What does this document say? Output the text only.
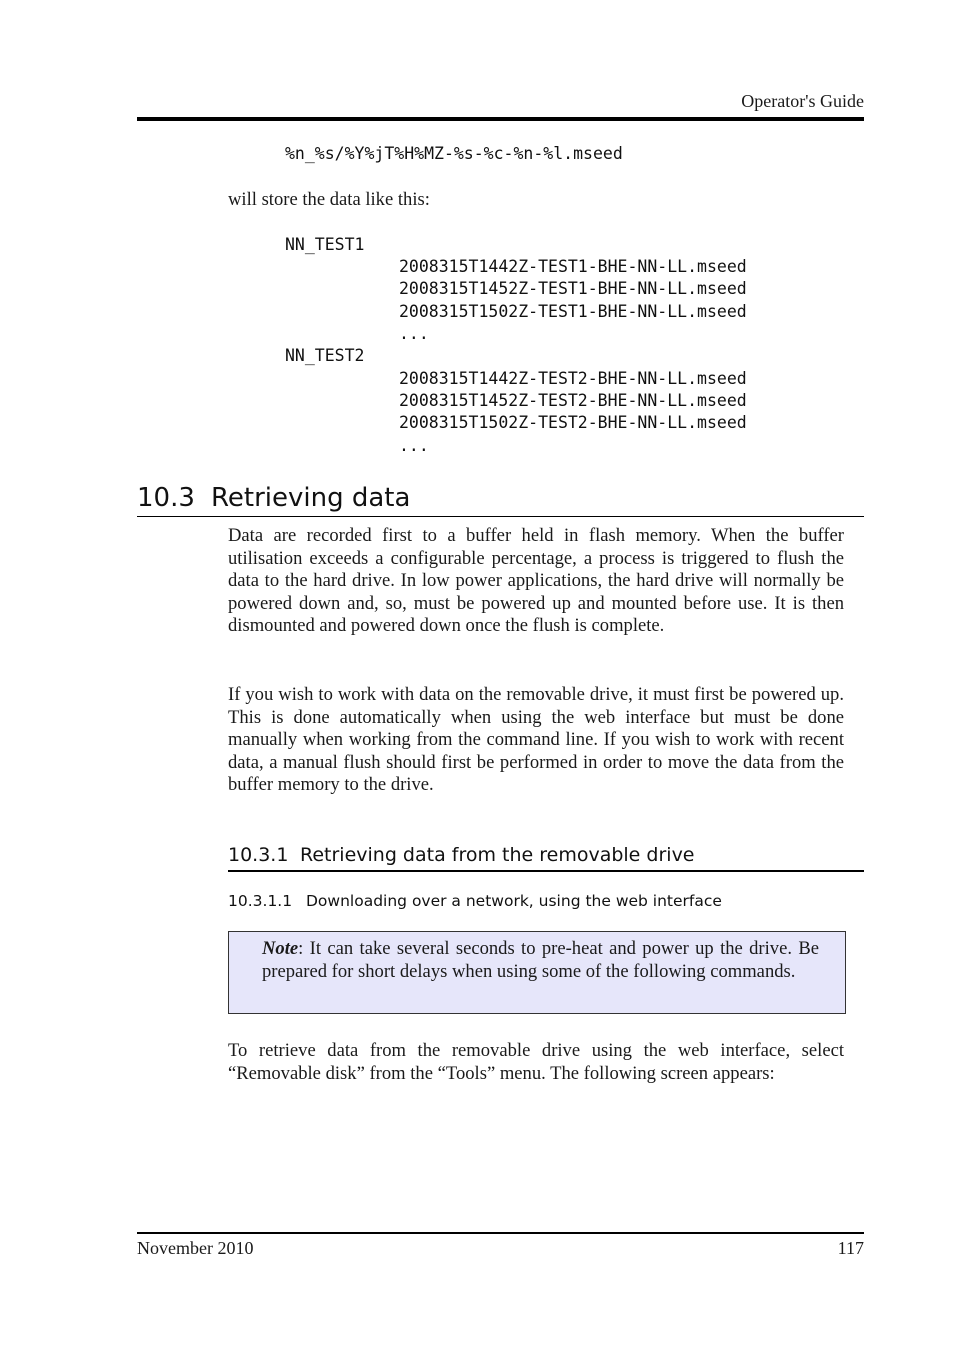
Operator's Guide
%n_%s/%Y%jT%H%MZ-%s-%c-%n-%l.mseed
will store the data like this:
NN_TEST1
2008315T1442Z-TEST1-BHE-NN-LL.mseed
2008315T1452Z-TEST1-BHE-NN-LL.mseed
2008315T1502Z-TEST1-BHE-NN-LL.mseed
...
NN_TEST2
2008315T1442Z-TEST2-BHE-NN-LL.mseed
2008315T1452Z-TEST2-BHE-NN-LL.mseed
2008315T1502Z-TEST2-BHE-NN-LL.mseed
...
10.3 Retrieving data
Data are recorded first to a buffer held in flash memory. When the buffer utilisation exceeds a configurable percentage, a process is triggered to flush the data to the hard drive. In low power applications, the hard drive will normally be powered down and, so, must be powered up and mounted before use. It is then dismounted and powered down once the flush is complete.
If you wish to work with data on the removable drive, it must first be powered up. This is done automatically when using the web interface but must be done manually when working from the command line. If you wish to work with recent data, a manual flush should first be performed in order to move the data from the buffer memory to the drive.
10.3.1 Retrieving data from the removable drive
10.3.1.1 Downloading over a network, using the web interface
Note: It can take several seconds to pre-heat and power up the drive. Be prepared for short delays when using some of the following commands.
To retrieve data from the removable drive using the web interface, select “Removable disk” from the “Tools” menu. The following screen appears:
November 2010	117
